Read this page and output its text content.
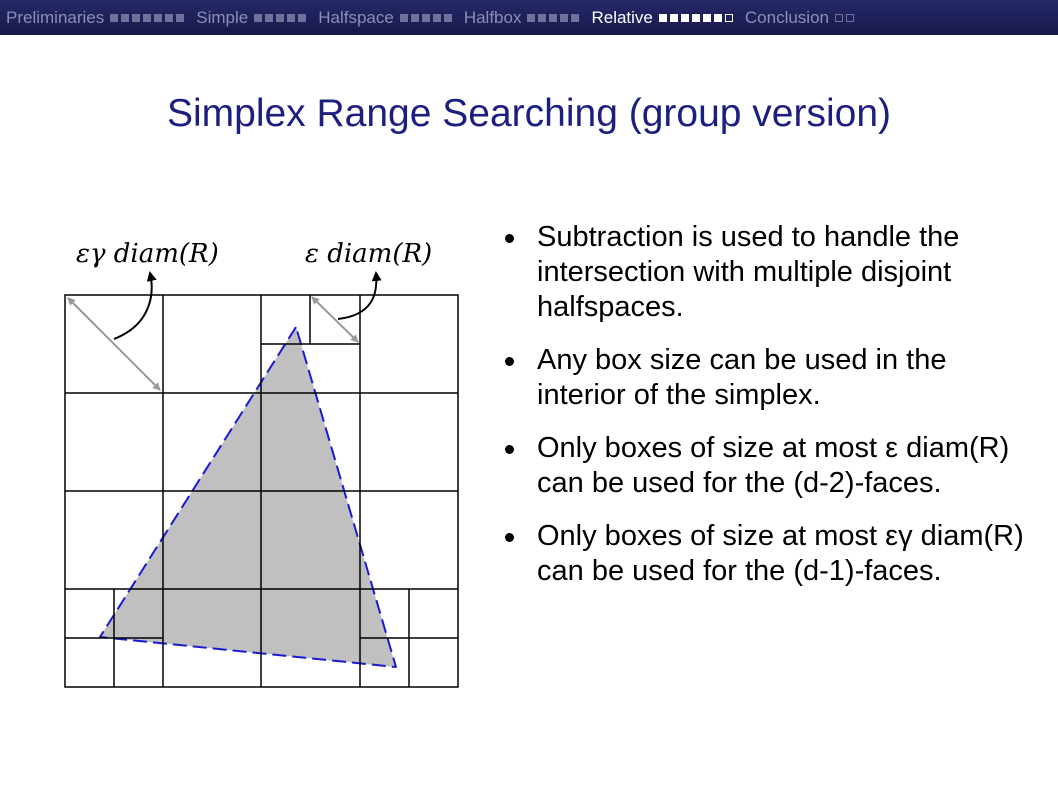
Preliminaries	Simple	Halfspace	Halfbox	Relative	Conclusion
Simplex Range Searching (group version)
εγ diam(R)	ε diam(R)
Subtraction is used to handle the intersection with multiple disjoint halfspaces.
Any box size can be used in the interior of the simplex.
Only boxes of size at most ε diam(R) can be used for the (d-2)-faces.
Only boxes of size at most εγ diam(R) can be used for the (d-1)-faces.
